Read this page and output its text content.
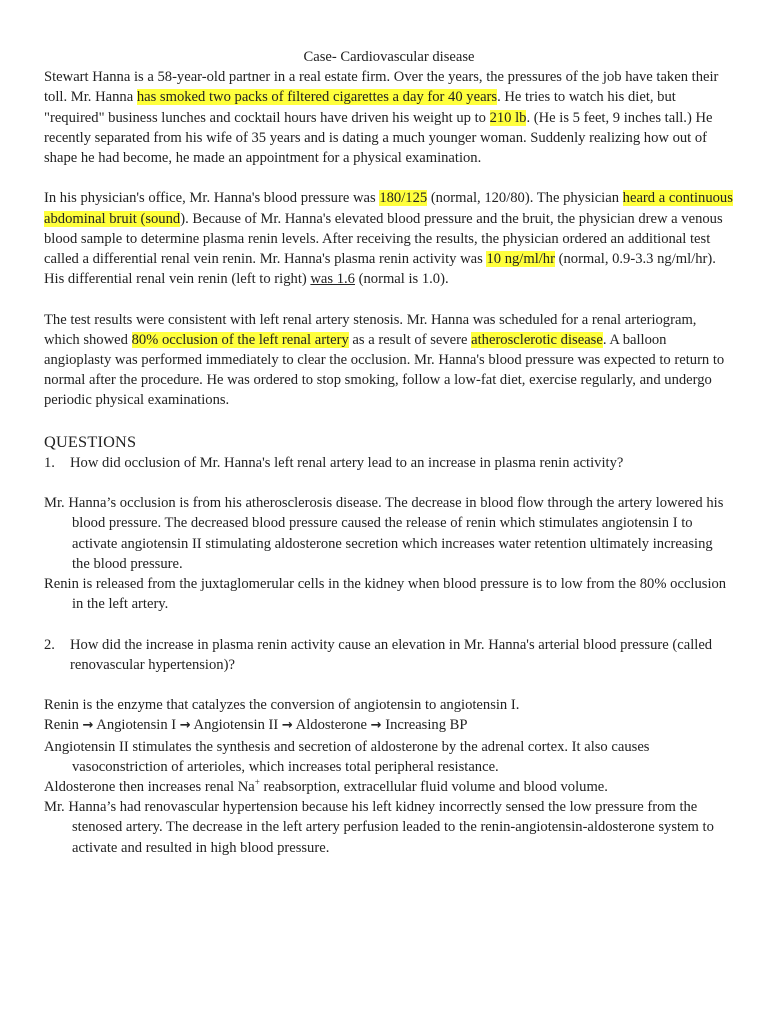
Case- Cardiovascular disease

Stewart Hanna is a 58-year-old partner in a real estate firm. Over the years, the pressures of the job have taken their toll. Mr. Hanna has smoked two packs of filtered cigarettes a day for 40 years. He tries to watch his diet, but "required" business lunches and cocktail hours have driven his weight up to 210 lb. (He is 5 feet, 9 inches tall.) He recently separated from his wife of 35 years and is dating a much younger woman. Suddenly realizing how out of shape he had become, he made an appointment for a physical examination.

In his physician's office, Mr. Hanna's blood pressure was 180/125 (normal, 120/80). The physician heard a continuous abdominal bruit (sound). Because of Mr. Hanna's elevated blood pressure and the bruit, the physician drew a venous blood sample to determine plasma renin levels. After receiving the results, the physician ordered an additional test called a differential renal vein renin. Mr. Hanna's plasma renin activity was 10 ng/ml/hr (normal, 0.9-3.3 ng/ml/hr). His differential renal vein renin (left to right) was 1.6 (normal is 1.0).

The test results were consistent with left renal artery stenosis. Mr. Hanna was scheduled for a renal arteriogram, which showed 80% occlusion of the left renal artery as a result of severe atherosclerotic disease. A balloon angioplasty was performed immediately to clear the occlusion. Mr. Hanna's blood pressure was expected to return to normal after the procedure. He was ordered to stop smoking, follow a low-fat diet, exercise regularly, and undergo periodic physical examinations.

QUESTIONS

1.	How did occlusion of Mr. Hanna's left renal artery lead to an increase in plasma renin activity?

Mr. Hanna’s occlusion is from his atherosclerosis disease. The decrease in blood flow through the artery lowered his blood pressure. The decreased blood pressure caused the release of renin which stimulates angiotensin I to activate angiotensin II stimulating aldosterone secretion which increases water retention ultimately increasing the blood pressure.

Renin is released from the juxtaglomerular cells in the kidney when blood pressure is to low from the 80% occlusion in the left artery.

2.	How did the increase in plasma renin activity cause an elevation in Mr. Hanna's arterial blood pressure (called renovascular hypertension)?

Renin is the enzyme that catalyzes the conversion of angiotensin to angiotensin I.

Renin → Angiotensin I → Angiotensin II → Aldosterone → Increasing BP

Angiotensin II stimulates the synthesis and secretion of aldosterone by the adrenal cortex. It also causes vasoconstriction of arterioles, which increases total peripheral resistance.

Aldosterone then increases renal Na+ reabsorption, extracellular fluid volume and blood volume.

Mr. Hanna’s had renovascular hypertension because his left kidney incorrectly sensed the low pressure from the stenosed artery. The decrease in the left artery perfusion leaded to the renin-angiotensin-aldosterone system to activate and resulted in high blood pressure.
